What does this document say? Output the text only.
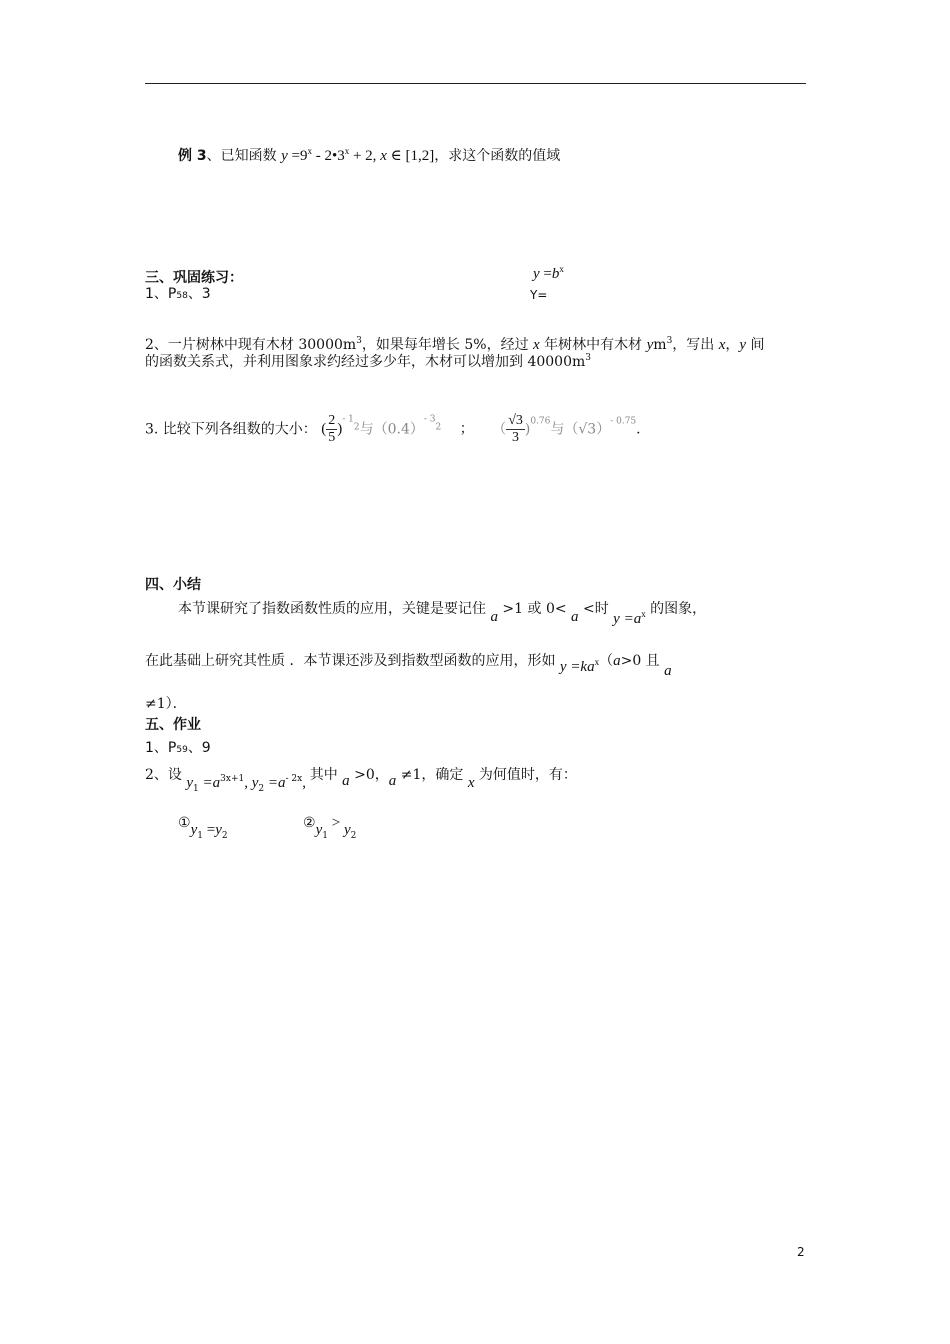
例 3、已知函数 $y =9^x$ - $2•3^x + 2$, x ∈ [1,2]，求这个函数的值域
三、巩固练习：
1、P58、3
$y =b^x$
Y=
2、一片树林中现有木材 $30000m^3$，如果每年增长 5%，经过 x 年树林中有木材 $ym^3$，写出 x，y 间
的函数关系式，并利用图象求约经过多少年，木材可以增加到 $40000m^3$
3. 比较下列各组数的大小： ( $\frac{2}{5} )^{- 12}$与$(0.4)^{- 32}$ ； （ $\frac{√3}{3} )^{0.76}$与$(√3)^{- 0.75}$.
四、小结
本节课研究了指数函数性质的应用，关键是要记住 a >1 或 0< a <时 $y =a_x$ 的图象，
在此基础上研究其性质 ．本节课还涉及到指数型函数的应用，形如 $y =ka^x(a>0$ 且 a
≠1）．
五、作业
1、P59、9
2、设 $y_1 =a^{3x+1}$, $y_2 =a^{- 2x}$, 其中 a >0，a ≠1，确定 x 为何值时，有：
$①y_1 =y_2$
$②y_1 > y_2$
2
